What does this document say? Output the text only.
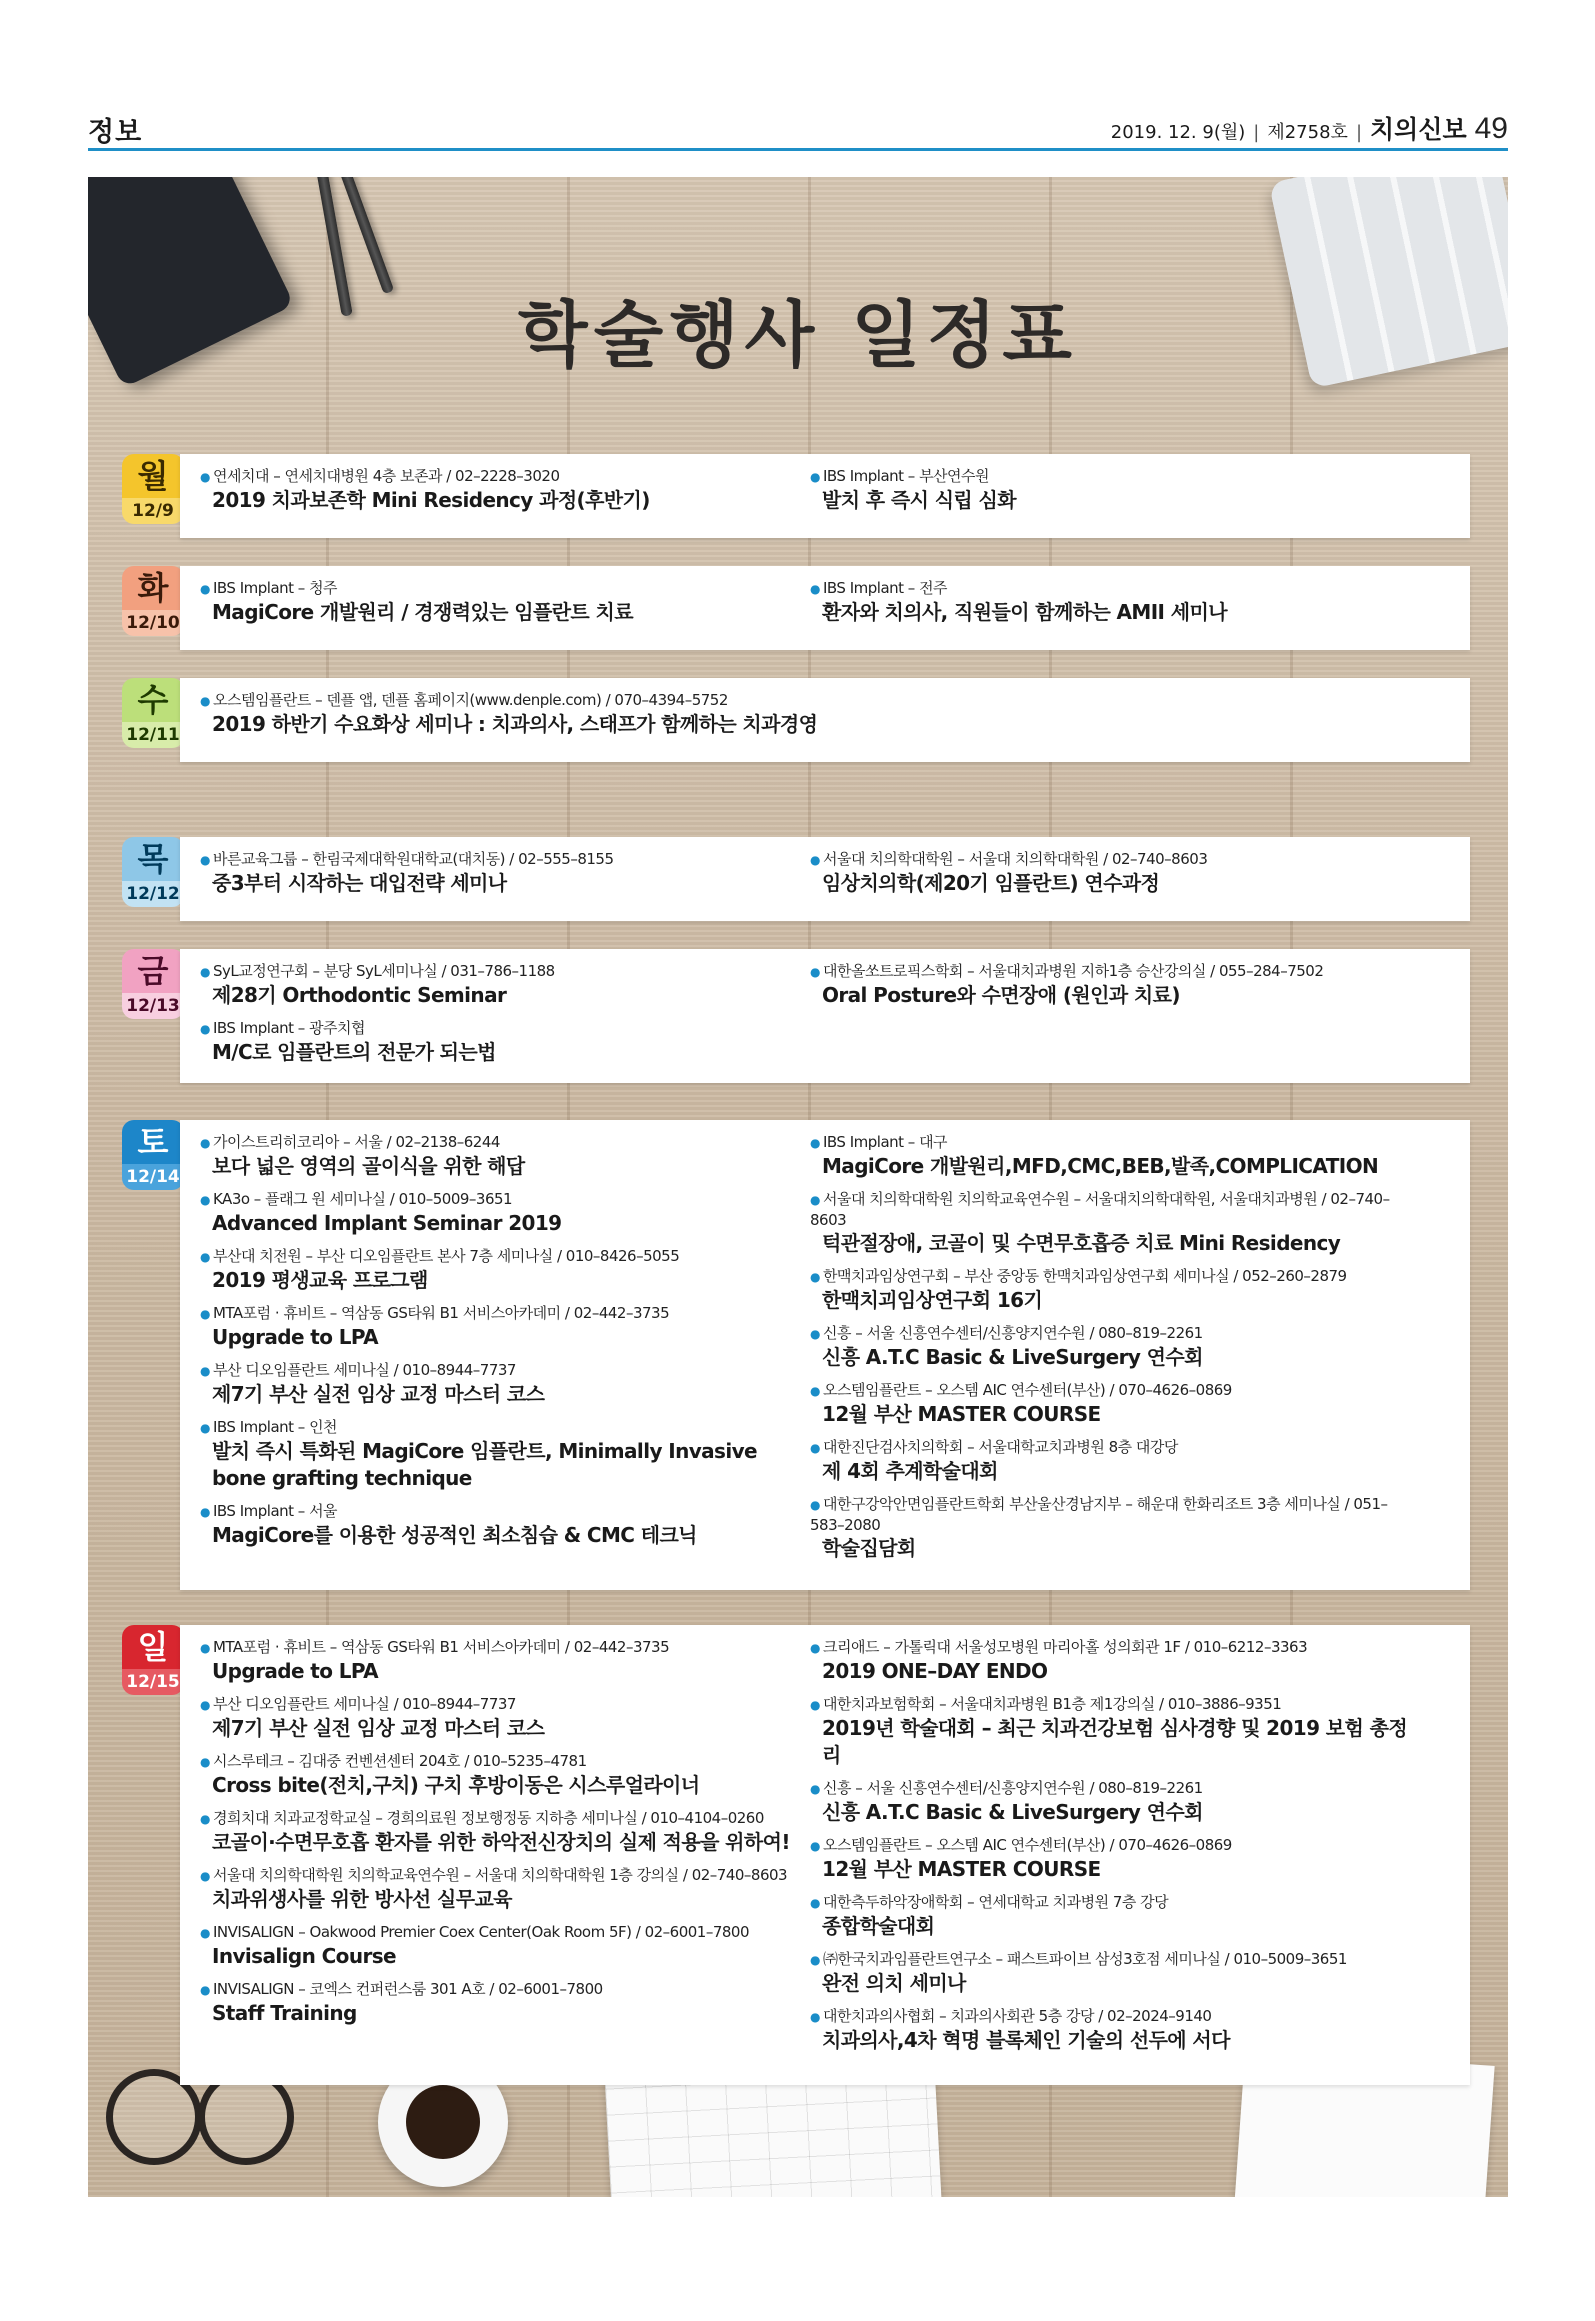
정보	2019. 12. 9(월) | 제2758호 | 치의신보 49
학술행사 일정표
월
12/9
● 연세치대 – 연세치대병원 4층 보존과 / 02–2228–3020
2019 치과보존학 Mini Residency 과정(후반기)
● IBS Implant – 부산연수원
발치 후 즉시 식립 심화
화
12/10
● IBS Implant – 청주
MagiCore 개발원리 / 경쟁력있는 임플란트 치료
● IBS Implant – 전주
환자와 치의사, 직원들이 함께하는 AMII 세미나
수
12/11
● 오스템임플란트 – 덴플 앱, 덴플 홈페이지(www.denple.com) / 070–4394–5752
2019 하반기 수요화상 세미나 : 치과의사, 스태프가 함께하는 치과경영
목
12/12
● 바른교육그룹 – 한림국제대학원대학교(대치동) / 02–555–8155
중3부터 시작하는 대입전략 세미나
● 서울대 치의학대학원 – 서울대 치의학대학원 / 02–740–8603
임상치의학(제20기 임플란트) 연수과정
금
12/13
● SyL교정연구회 – 분당 SyL세미나실 / 031–786–1188
제28기 Orthodontic Seminar
● IBS Implant – 광주치협
M/C로 임플란트의 전문가 되는법
● 대한올쏘트로픽스학회 – 서울대치과병원 지하1층 승산강의실 / 055–284–7502
Oral Posture와 수면장애 (원인과 치료)
토
12/14
● 가이스트리히코리아 – 서울 / 02–2138–6244
보다 넓은 영역의 골이식을 위한 해답
● KA3o – 플래그 원 세미나실 / 010–5009–3651
Advanced Implant Seminar 2019
● 부산대 치전원 – 부산 디오임플란트 본사 7층 세미나실 / 010–8426–5055
2019 평생교육 프로그램
● MTA포럼 · 휴비트 – 역삼동 GS타워 B1 서비스아카데미 / 02–442–3735
Upgrade to LPA
● 부산 디오임플란트 세미나실 / 010–8944–7737
제7기 부산 실전 임상 교정 마스터 코스
● IBS Implant – 인천
발치 즉시 특화된 MagiCore 임플란트, Minimally Invasive bone grafting technique
● IBS Implant – 서울
MagiCore를 이용한 성공적인 최소침습 & CMC 테크닉
● IBS Implant – 대구
MagiCore 개발원리,MFD,CMC,BEB,발족,COMPLICATION
● 서울대 치의학대학원 치의학교육연수원 – 서울대치의학대학원, 서울대치과병원 / 02–740–8603
턱관절장애, 코골이 및 수면무호흡증 치료 Mini Residency
● 한맥치과임상연구회 – 부산 중앙동 한맥치과임상연구회 세미나실 / 052–260–2879
한맥치괴임상연구회 16기
● 신흥 – 서울 신흥연수센터/신흥양지연수원 / 080–819–2261
신흥 A.T.C Basic & LiveSurgery 연수회
● 오스템임플란트 – 오스템 AIC 연수센터(부산) / 070–4626–0869
12월 부산 MASTER COURSE
● 대한진단검사치의학회 – 서울대학교치과병원 8층 대강당
제 4회 추계학술대회
● 대한구강악안면임플란트학회 부산울산경남지부 – 해운대 한화리조트 3층 세미나실 / 051–583–2080
학술집담회
일
12/15
● MTA포럼 · 휴비트 – 역삼동 GS타워 B1 서비스아카데미 / 02–442–3735
Upgrade to LPA
● 부산 디오임플란트 세미나실 / 010–8944–7737
제7기 부산 실전 임상 교정 마스터 코스
● 시스루테크 – 김대중 컨벤션센터 204호 / 010–5235–4781
Cross bite(전치,구치) 구치 후방이동은 시스루얼라이너
● 경희치대 치과교정학교실 – 경희의료원 정보행정동 지하층 세미나실 / 010–4104–0260
코골이·수면무호흡 환자를 위한 하악전신장치의 실제 적용을 위하여!
● 서울대 치의학대학원 치의학교육연수원 – 서울대 치의학대학원 1층 강의실 / 02–740–8603
치과위생사를 위한 방사선 실무교육
● INVISALIGN – Oakwood Premier Coex Center(Oak Room 5F) / 02–6001–7800
Invisalign Course
● INVISALIGN – 코엑스 컨퍼런스룸 301 A호 / 02–6001–7800
Staff Training
● 크리애드 – 가톨릭대 서울성모병원 마리아홀 성의회관 1F / 010–6212–3363
2019 ONE–DAY ENDO
● 대한치과보험학회 – 서울대치과병원 B1층 제1강의실 / 010–3886–9351
2019년 학술대회 – 최근 치과건강보험 심사경향 및 2019 보험 총정리
● 신흥 – 서울 신흥연수센터/신흥양지연수원 / 080–819–2261
신흥 A.T.C Basic & LiveSurgery 연수회
● 오스템임플란트 – 오스템 AIC 연수센터(부산) / 070–4626–0869
12월 부산 MASTER COURSE
● 대한측두하악장애학회 – 연세대학교 치과병원 7층 강당
종합학술대회
● ㈜한국치과임플란트연구소 – 패스트파이브 삼성3호점 세미나실 / 010–5009–3651
완전 의치 세미나
● 대한치과의사협회 – 치과의사회관 5층 강당 / 02–2024–9140
치과의사,4차 혁명 블록체인 기술의 선두에 서다
